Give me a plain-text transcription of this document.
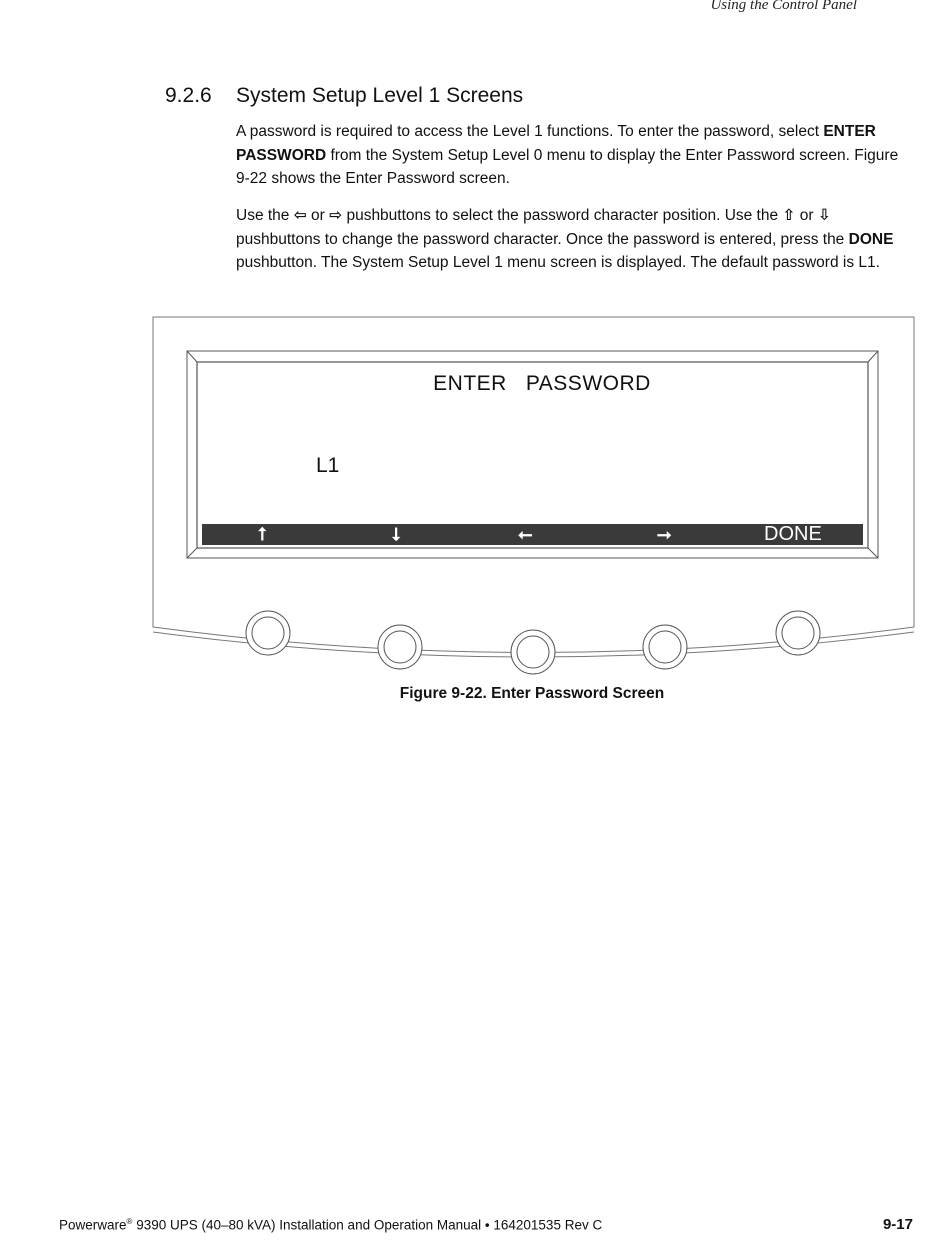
Using the Control Panel
9.2.6 System Setup Level 1 Screens
A password is required to access the Level 1 functions. To enter the password, select ENTER PASSWORD from the System Setup Level 0 menu to display the Enter Password screen. Figure 9-22 shows the Enter Password screen.
Use the ⇦ or ⇨ pushbuttons to select the password character position. Use the ⇧ or ⇩ pushbuttons to change the password character. Once the password is entered, press the DONE pushbutton. The System Setup Level 1 menu screen is displayed. The default password is L1.
ENTER   PASSWORD
L1
⭡	⭣	⭠	⭢	DONE
Figure 9-22. Enter Password Screen
Powerware® 9390 UPS (40–80 kVA) Installation and Operation Manual • 164201535 Rev C	9-17
